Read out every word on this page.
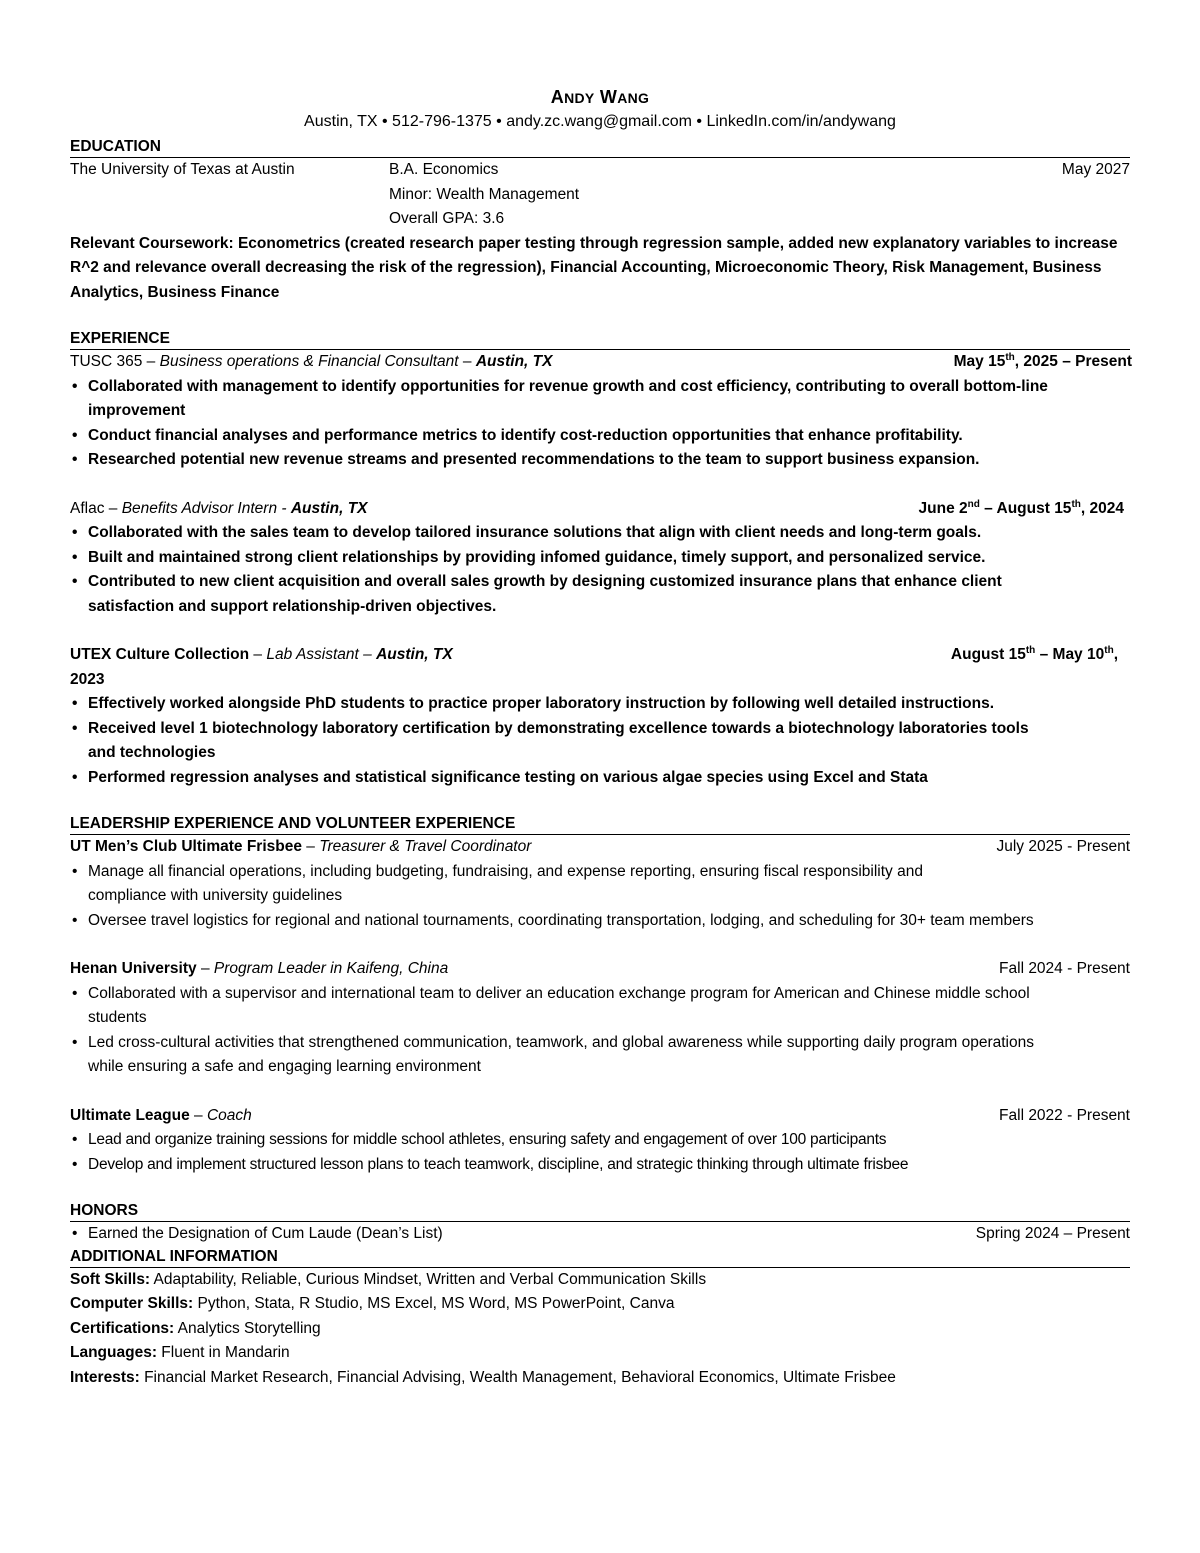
ANDY WANG
Austin, TX • 512-796-1375 • andy.zc.wang@gmail.com • LinkedIn.com/in/andywang
EDUCATION
The University of Texas at Austin	B.A. Economics	May 2027
Minor: Wealth Management
Overall GPA: 3.6
Relevant Coursework: Econometrics (created research paper testing through regression sample, added new explanatory variables to increase R^2 and relevance overall decreasing the risk of the regression), Financial Accounting, Microeconomic Theory, Risk Management, Business Analytics, Business Finance
EXPERIENCE
TUSC 365 – Business operations & Financial Consultant – Austin, TX	May 15th, 2025 – Present
• Collaborated with management to identify opportunities for revenue growth and cost efficiency, contributing to overall bottom-line improvement
• Conduct financial analyses and performance metrics to identify cost-reduction opportunities that enhance profitability.
• Researched potential new revenue streams and presented recommendations to the team to support business expansion.
Aflac – Benefits Advisor Intern - Austin, TX	June 2nd – August 15th, 2024
• Collaborated with the sales team to develop tailored insurance solutions that align with client needs and long-term goals.
• Built and maintained strong client relationships by providing infomed guidance, timely support, and personalized service.
• Contributed to new client acquisition and overall sales growth by designing customized insurance plans that enhance client satisfaction and support relationship-driven objectives.
UTEX Culture Collection – Lab Assistant – Austin, TX	August 15th – May 10th,
2023
• Effectively worked alongside PhD students to practice proper laboratory instruction by following well detailed instructions.
• Received level 1 biotechnology laboratory certification by demonstrating excellence towards a biotechnology laboratories tools and technologies
• Performed regression analyses and statistical significance testing on various algae species using Excel and Stata
LEADERSHIP EXPERIENCE AND VOLUNTEER EXPERIENCE
UT Men’s Club Ultimate Frisbee – Treasurer & Travel Coordinator	July 2025 - Present
• Manage all financial operations, including budgeting, fundraising, and expense reporting, ensuring fiscal responsibility and compliance with university guidelines
• Oversee travel logistics for regional and national tournaments, coordinating transportation, lodging, and scheduling for 30+ team members
Henan University – Program Leader in Kaifeng, China	Fall 2024 - Present
• Collaborated with a supervisor and international team to deliver an education exchange program for American and Chinese middle school students
• Led cross-cultural activities that strengthened communication, teamwork, and global awareness while supporting daily program operations while ensuring a safe and engaging learning environment
Ultimate League – Coach	Fall 2022 - Present
• Lead and organize training sessions for middle school athletes, ensuring safety and engagement of over 100 participants
• Develop and implement structured lesson plans to teach teamwork, discipline, and strategic thinking through ultimate frisbee
HONORS
• Earned the Designation of Cum Laude (Dean’s List)	Spring 2024 – Present
ADDITIONAL INFORMATION
Soft Skills: Adaptability, Reliable, Curious Mindset, Written and Verbal Communication Skills
Computer Skills: Python, Stata, R Studio, MS Excel, MS Word, MS PowerPoint, Canva
Certifications: Analytics Storytelling
Languages: Fluent in Mandarin
Interests: Financial Market Research, Financial Advising, Wealth Management, Behavioral Economics, Ultimate Frisbee
